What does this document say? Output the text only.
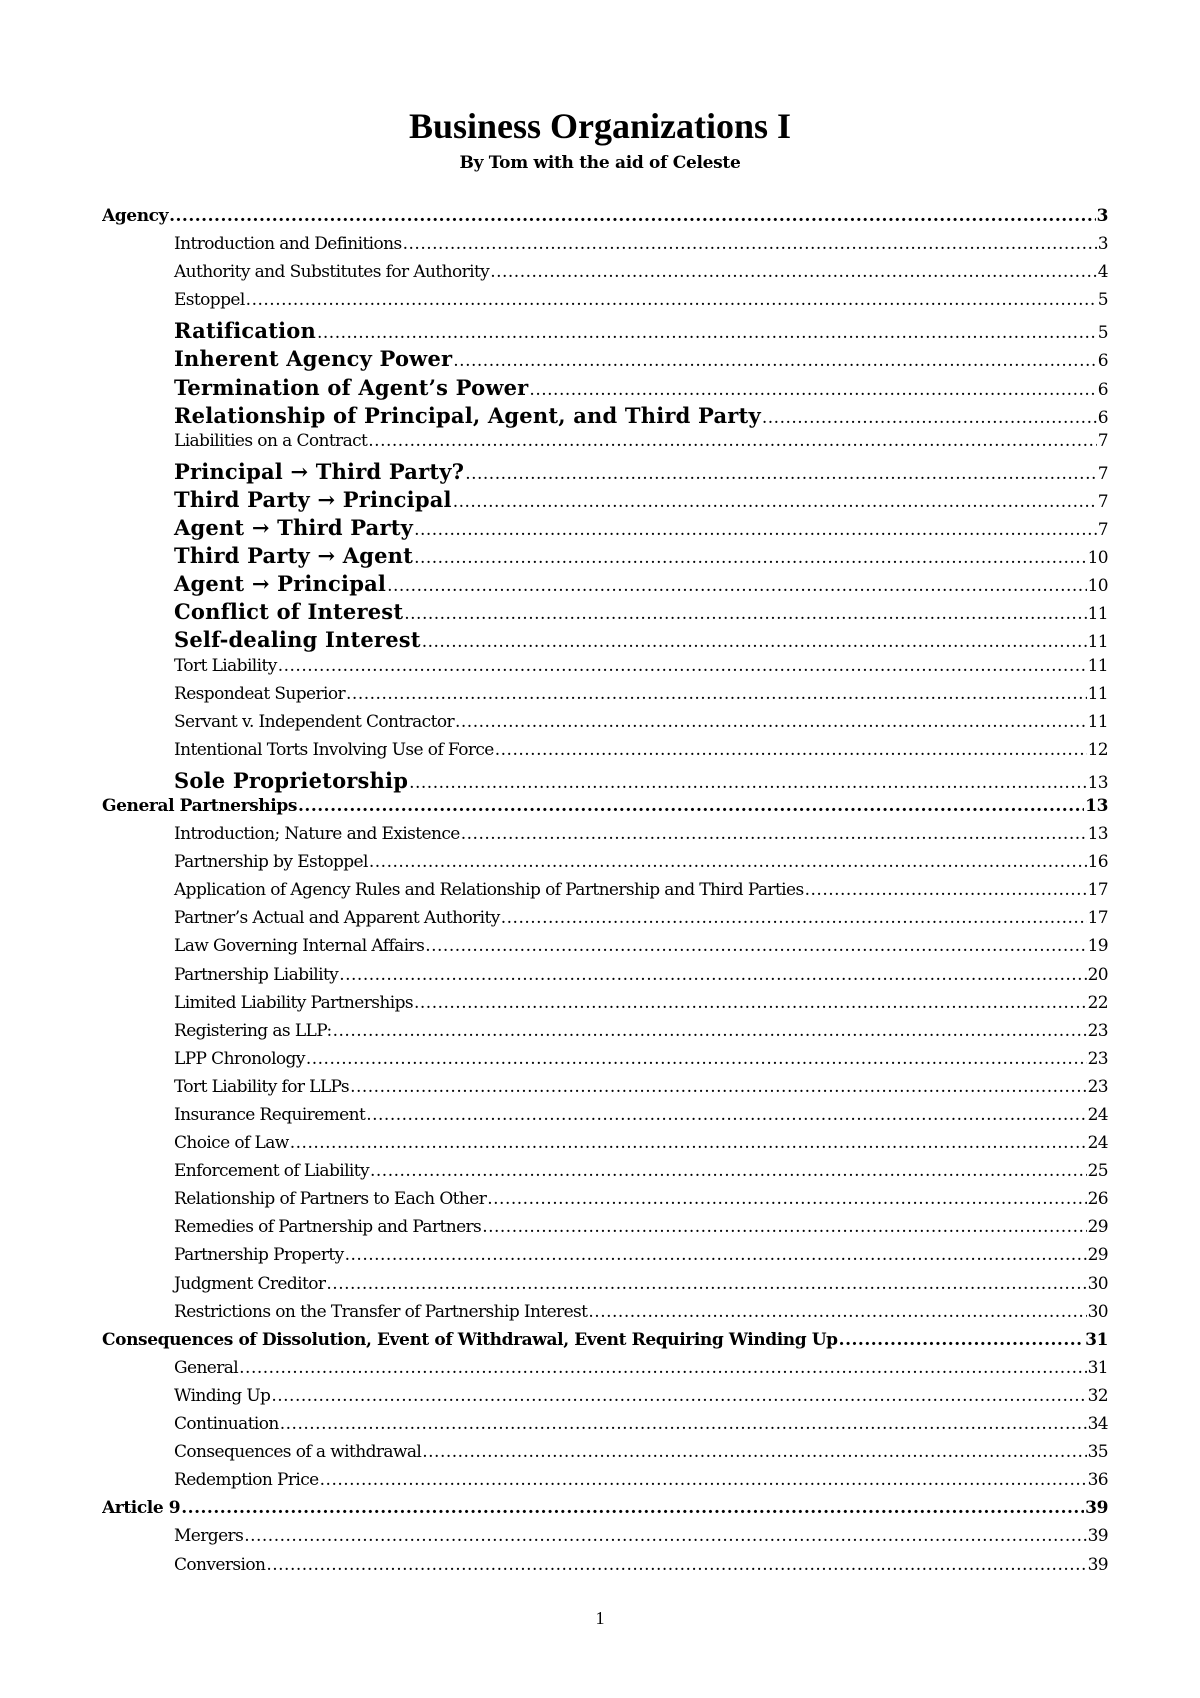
Business Organizations I
By Tom with the aid of Celeste
Agency .....	3
Introduction and Definitions .....	3
Authority and Substitutes for Authority .....	4
Estoppel .....	5
Ratification .....	5
Inherent Agency Power .....	6
Termination of Agent’s Power .....	6
Relationship of Principal, Agent, and Third Party .....	6
Liabilities on a Contract .....	7
Principal → Third Party? .....	7
Third Party → Principal .....	7
Agent → Third Party .....	7
Third Party → Agent .....	10
Agent → Principal .....	10
Conflict of Interest .....	11
Self-dealing Interest .....	11
Tort Liability .....	11
Respondeat Superior .....	11
Servant v. Independent Contractor .....	11
Intentional Torts Involving Use of Force .....	12
Sole Proprietorship .....	13
General Partnerships .....	13
Introduction; Nature and Existence .....	13
Partnership by Estoppel .....	16
Application of Agency Rules and Relationship of Partnership and Third Parties .....	17
Partner’s Actual and Apparent Authority .....	17
Law Governing Internal Affairs .....	19
Partnership Liability .....	20
Limited Liability Partnerships .....	22
Registering as LLP: .....	23
LPP Chronology .....	23
Tort Liability for LLPs .....	23
Insurance Requirement .....	24
Choice of Law .....	24
Enforcement of Liability .....	25
Relationship of Partners to Each Other .....	26
Remedies of Partnership and Partners .....	29
Partnership Property .....	29
Judgment Creditor .....	30
Restrictions on the Transfer of Partnership Interest .....	30
Consequences of Dissolution, Event of Withdrawal, Event Requiring Winding Up .....	31
General .....	31
Winding Up .....	32
Continuation .....	34
Consequences of a withdrawal .....	35
Redemption Price .....	36
Article 9 .....	39
Mergers .....	39
Conversion .....	39
1
